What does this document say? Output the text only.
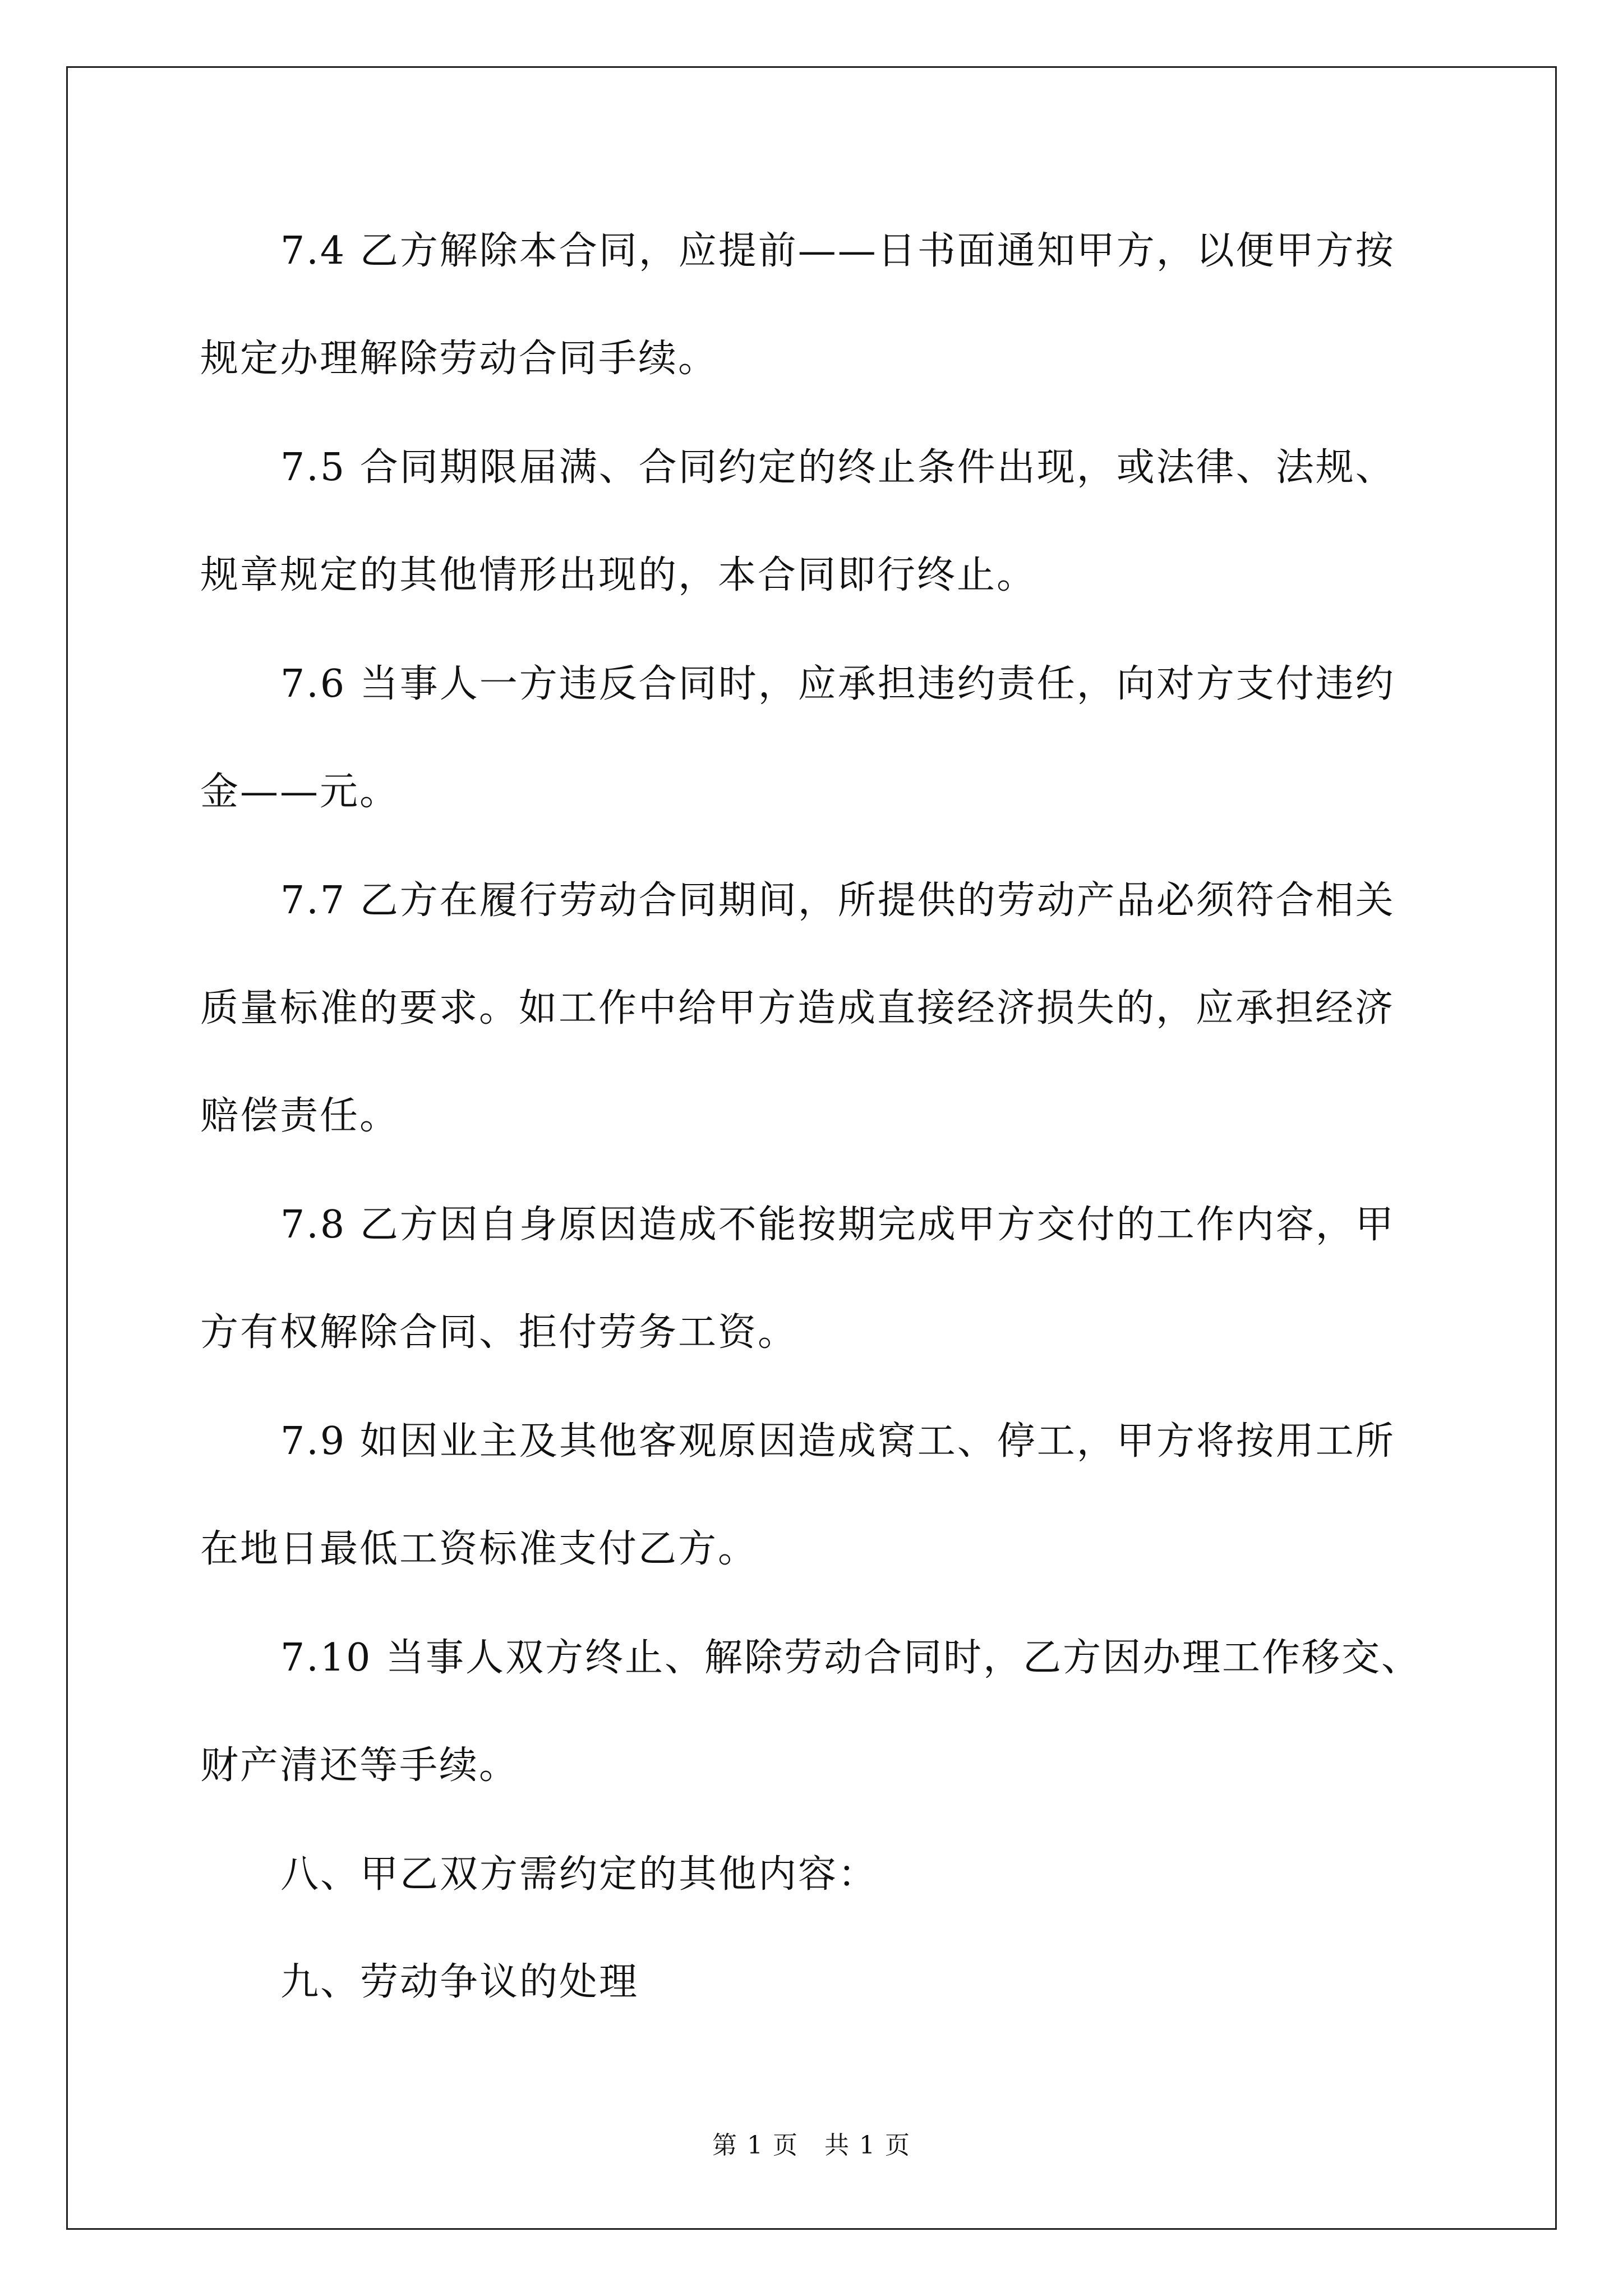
7.4 乙方解除本合同，应提前——日书面通知甲方，以便甲方按
规定办理解除劳动合同手续。
7.5 合同期限届满、合同约定的终止条件出现，或法律、法规、
规章规定的其他情形出现的，本合同即行终止。
7.6 当事人一方违反合同时，应承担违约责任，向对方支付违约
金——元。
7.7 乙方在履行劳动合同期间，所提供的劳动产品必须符合相关
质量标准的要求。如工作中给甲方造成直接经济损失的，应承担经济
赔偿责任。
7.8 乙方因自身原因造成不能按期完成甲方交付的工作内容，甲
方有权解除合同、拒付劳务工资。
7.9 如因业主及其他客观原因造成窝工、停工，甲方将按用工所
在地日最低工资标准支付乙方。
7.10 当事人双方终止、解除劳动合同时，乙方因办理工作移交、
财产清还等手续。
八、甲乙双方需约定的其他内容：
九、劳动争议的处理
第 1 页　共 1 页
